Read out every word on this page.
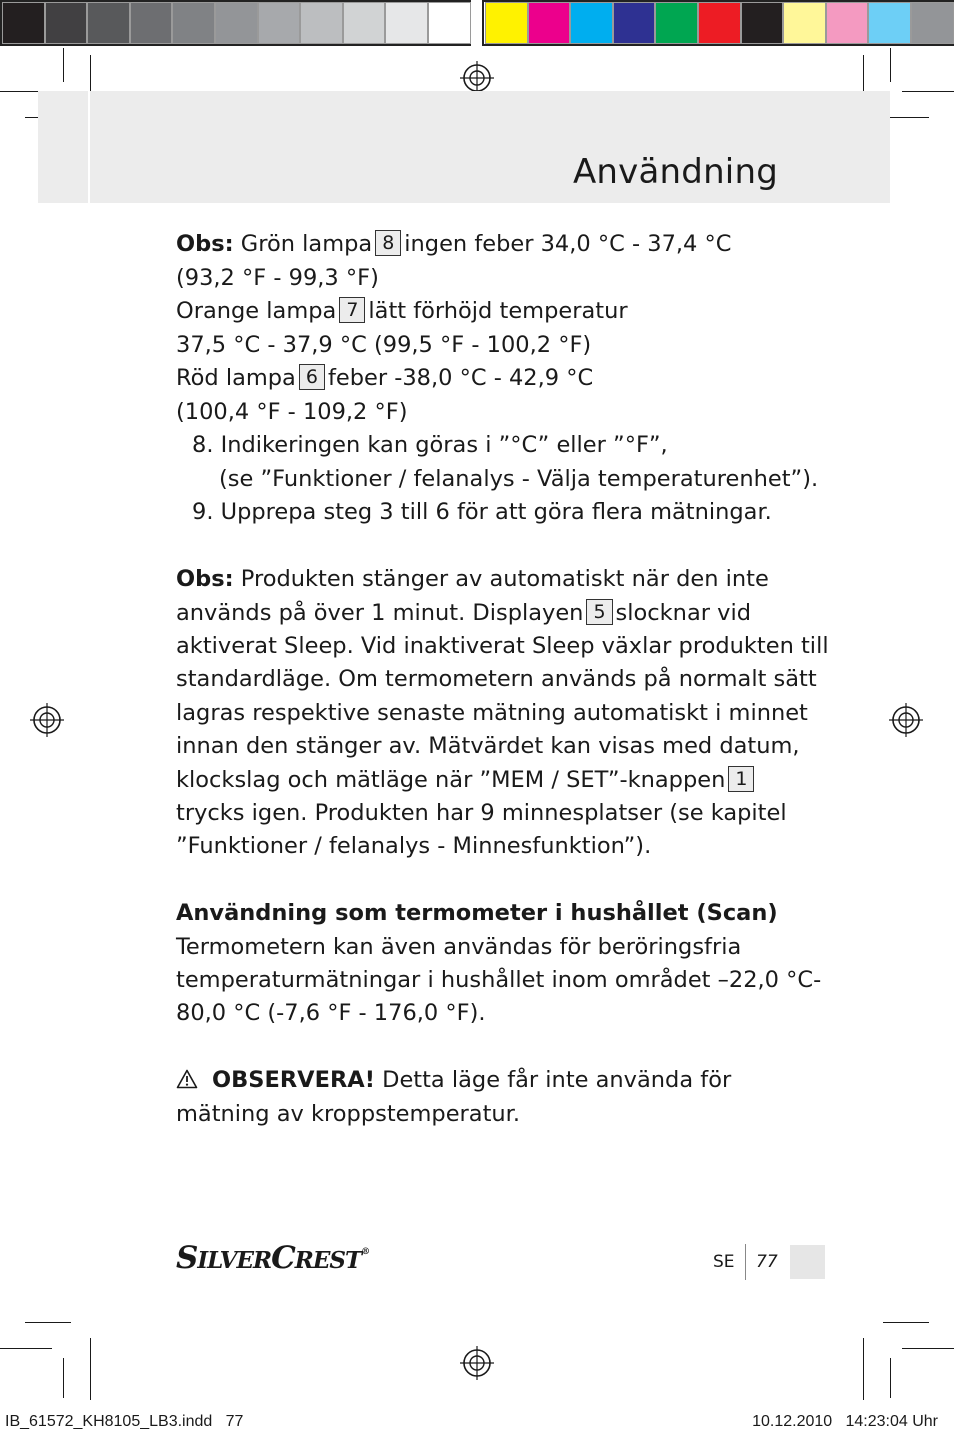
Användning
Obs: Grön lampa 8 ingen feber 34,0 °C - 37,4 °C
(93,2 °F - 99,3 °F)
Orange lampa 7 lätt förhöjd temperatur
37,5 °C - 37,9 °C (99,5 °F - 100,2 °F)
Röd lampa 6 feber -38,0 °C - 42,9 °C
(100,4 °F - 109,2 °F)
8. Indikeringen kan göras i ”°C” eller ”°F”,
(se ”Funktioner / felanalys - Välja temperaturenhet”).
9. Upprepa steg 3 till 6 för att göra flera mätningar.
Obs: Produkten stänger av automatiskt när den inte
används på över 1 minut. Displayen 5 slocknar vid
aktiverat Sleep. Vid inaktiverat Sleep växlar produkten till
standardläge. Om termometern används på normalt sätt
lagras respektive senaste mätning automatiskt i minnet
innan den stänger av. Mätvärdet kan visas med datum,
klockslag och mätläge när ”MEM / SET”-knappen 1
trycks igen. Produkten har 9 minnesplatser (se kapitel
”Funktioner / felanalys - Minnesfunktion”).
Användning som termometer i hushållet (Scan)
Termometern kan även användas för beröringsfria
temperaturmätningar i hushållet inom området –22,0 °C-
80,0 °C (-7,6 °F - 176,0 °F).
OBSERVERA! Detta läge får inte använda för
mätning av kroppstemperatur.
SILVERCREST®	SE 77
IB_61572_KH8105_LB3.indd   77	10.12.2010   14:23:04 Uhr
